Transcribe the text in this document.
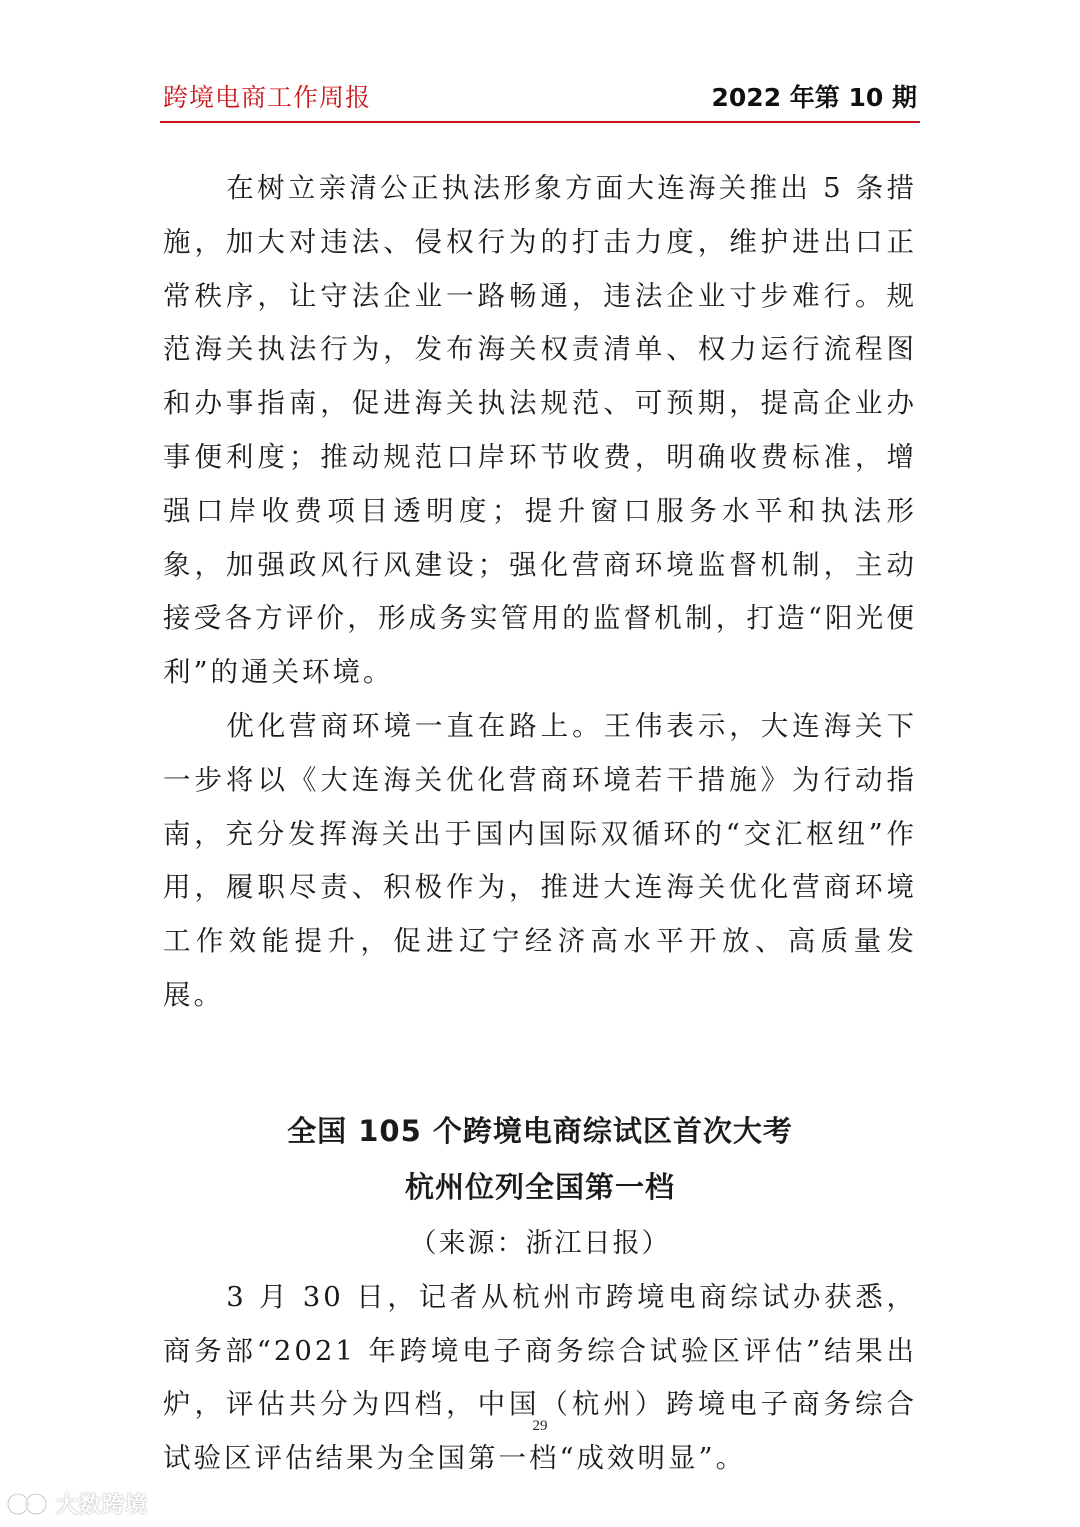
跨境电商工作周报	2022 年第 10 期

在树立亲清公正执法形象方面大连海关推出 5 条措施，加大对违法、侵权行为的打击力度，维护进出口正常秩序，让守法企业一路畅通，违法企业寸步难行。规范海关执法行为，发布海关权责清单、权力运行流程图和办事指南，促进海关执法规范、可预期，提高企业办事便利度；推动规范口岸环节收费，明确收费标准，增强口岸收费项目透明度；提升窗口服务水平和执法形象，加强政风行风建设；强化营商环境监督机制，主动接受各方评价，形成务实管用的监督机制，打造“阳光便利”的通关环境。

优化营商环境一直在路上。王伟表示，大连海关下一步将以《大连海关优化营商环境若干措施》为行动指南，充分发挥海关出于国内国际双循环的“交汇枢纽”作用，履职尽责、积极作为，推进大连海关优化营商环境工作效能提升，促进辽宁经济高水平开放、高质量发展。

全国 105 个跨境电商综试区首次大考
杭州位列全国第一档
（来源：浙江日报）

3 月 30 日，记者从杭州市跨境电商综试办获悉，商务部“2021 年跨境电子商务综合试验区评估”结果出炉，评估共分为四档，中国（杭州）跨境电子商务综合试验区评估结果为全国第一档“成效明显”。

29
大数跨境
